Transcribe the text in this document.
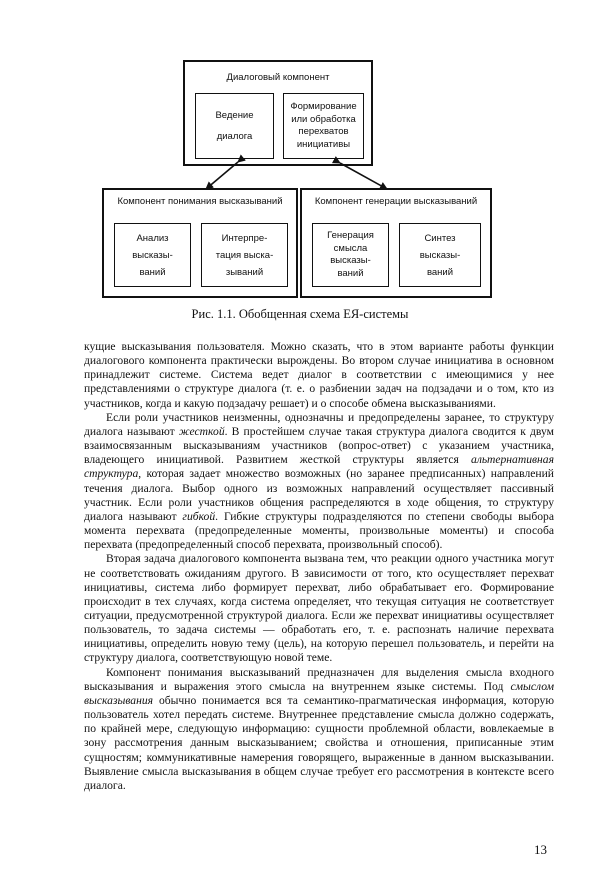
Диалоговый компонент
Ведение
диалога
Формирование
или обработка
перехватов
инициативы
Компонент понимания высказываний
Анализ
высказы-
ваний
Интерпре-
тация выска-
зываний
Компонент генерации высказываний
Генерация
смысла
высказы-
ваний
Синтез
высказы-
ваний
Рис. 1.1. Обобщенная схема ЕЯ-системы

кущие высказывания пользователя. Можно сказать, что в этом варианте работы функции диалогового компонента практически вырождены. Во втором случае инициатива в основном принадлежит системе. Система ведет диалог в соответствии с имеющимися у нее представлениями о структуре диалога (т. е. о разбиении задач на подзадачи и о том, кто из участников, когда и какую подзадачу решает) и о способе обмена высказываниями.

Если роли участников неизменны, однозначны и предопределены заранее, то структуру диалога называют жесткой. В простейшем случае такая структура диалога сводится к двум взаимосвязанным высказываниям участников (вопрос-ответ) с указанием участника, владеющего инициативой. Развитием жесткой структуры является альтернативная структура, которая задает множество возможных (но заранее предписанных) направлений течения диалога. Выбор одного из возможных направлений осуществляет пассивный участник. Если роли участников общения распределяются в ходе общения, то структуру диалога называют гибкой. Гибкие структуры подразделяются по степени свободы выбора момента перехвата (предопределенные моменты, произвольные моменты) и способа перехвата (предопределенный способ перехвата, произвольный способ).

Вторая задача диалогового компонента вызвана тем, что реакции одного участника могут не соответствовать ожиданиям другого. В зависимости от того, кто осуществляет перехват инициативы, система либо формирует перехват, либо обрабатывает его. Формирование происходит в тех случаях, когда система определяет, что текущая ситуация не соответствует ситуации, предусмотренной структурой диалога. Если же перехват инициативы осуществляет пользователь, то задача системы — обработать его, т. е. распознать наличие перехвата инициативы, определить новую тему (цель), на которую перешел пользователь, и перейти на структуру диалога, соответствующую новой теме.

Компонент понимания высказываний предназначен для выделения смысла входного высказывания и выражения этого смысла на внутреннем языке системы. Под смыслом высказывания обычно понимается вся та семантико-прагматическая информация, которую пользователь хотел передать системе. Внутреннее представление смысла должно содержать, по крайней мере, следующую информацию: сущности проблемной области, вовлекаемые в зону рассмотрения данным высказыванием; свойства и отношения, приписанные этим сущностям; коммуникативные намерения говорящего, выраженные в данном высказывании. Выявление смысла высказывания в общем случае требует его рассмотрения в контексте всего диалога.

13
